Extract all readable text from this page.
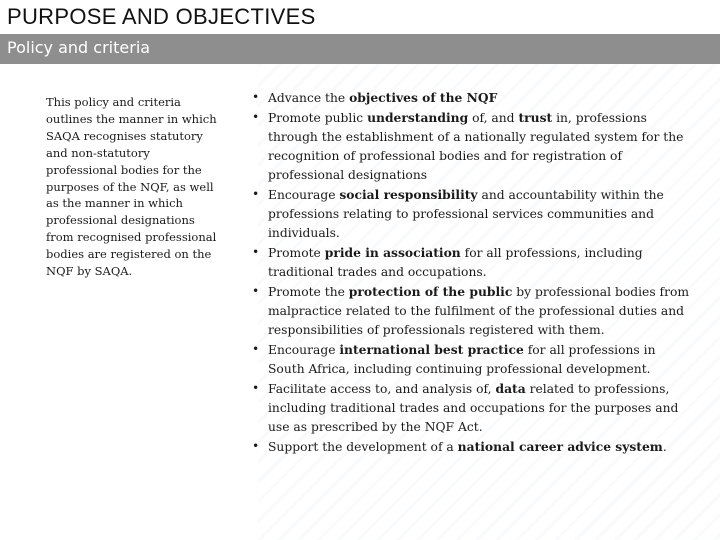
PURPOSE AND OBJECTIVES
Policy and criteria
This policy and criteria outlines the manner in which SAQA recognises statutory and non-statutory professional bodies for the purposes of the NQF, as well as the manner in which professional designations from recognised professional bodies are registered on the NQF by SAQA.
• Advance the objectives of the NQF
• Promote public understanding of, and trust in, professions through the establishment of a nationally regulated system for the recognition of professional bodies and for registration of professional designations
• Encourage social responsibility and accountability within the professions relating to professional services communities and individuals.
• Promote pride in association for all professions, including traditional trades and occupations.
• Promote the protection of the public by professional bodies from malpractice related to the fulfilment of the professional duties and responsibilities of professionals registered with them.
• Encourage international best practice for all professions in South Africa, including continuing professional development.
• Facilitate access to, and analysis of, data related to professions, including traditional trades and occupations for the purposes and use as prescribed by the NQF Act.
• Support the development of a national career advice system.
